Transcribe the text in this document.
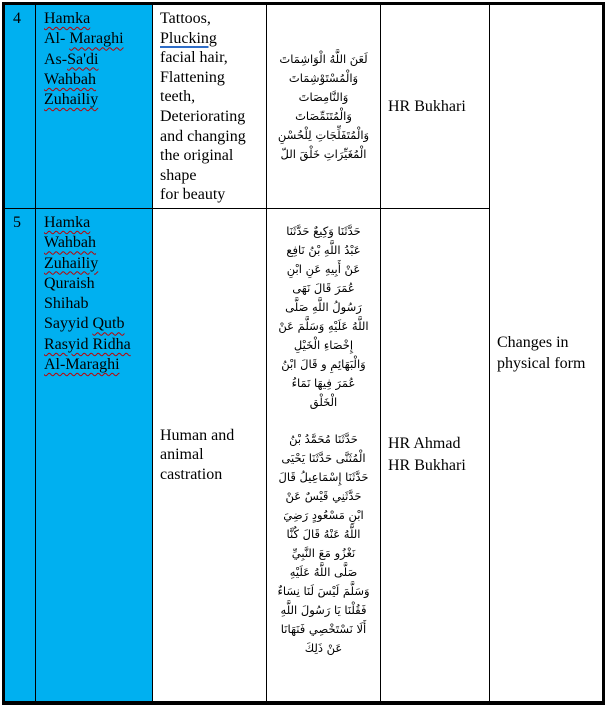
4	Hamka
Al- Maraghi
As-Sa'di
Wahbah
Zuhailiy
Tattoos,
Plucking
facial hair,
Flattening
teeth,
Deteriorating
and changing
the original
shape
for beauty
لَعَنَ اللَّهُ الْوَاشِمَاتَ
وَالْمُسْتَوْشِمَاتَ
وَالنَّامِصَاتَ
وَالْمُتَنَمِّصَاتَ
وَالْمُتَفَلِّجَاتِ لِلْحُسْنِ
الْمُغَيِّرَاتِ خَلْقَ اللّ
HR Bukhari
Changes in physical form
5	Hamka
Wahbah
Zuhailiy
Quraish
Shihab
Sayyid Qutb
Rasyid Ridha
Al-Maraghi
Human and
animal
castration
حَدَّثَنَا وَكِيعٌ حَدَّثَنَا
عَبْدُ اللَّهِ بْنُ نَافِع
عَنْ أَبِيهِ عَنِ ابْنِ
عُمَرَ قَالَ نَهَى
رَسُولُ اللَّهِ صَلَّى
اللَّهُ عَلَيْهِ وَسَلَّمَ عَنْ
إِخْصَاءِ الْخَيْلِ
وَالْبَهَائِمِ و قَالَ ابْنُ
عُمَرَ فِيهَا نَمَاءُ
الْخَلْق
حَدَّثَنَا مُحَمَّدُ بْنُ
الْمُثَنَّى حَدَّثَنَا يَحْيَى
حَدَّثَنَا إِسْمَاعِيلُ قَالَ
حَدَّثَنِي قَيْسٌ عَنْ
ابْنِ مَسْعُودٍ رَضِيَ
اللَّهُ عَنْهُ قَالَ كُنَّا
نَغْزُو مَعَ النَّبِيِّ
صَلَّى اللَّهُ عَلَيْهِ
وَسَلَّمَ لَيْسَ لَنَا نِسَاءٌ
فَقُلْنَا يَا رَسُولَ اللَّهِ
أَلَا نَسْتَخْصِي فَنَهَانَا
عَنْ ذَلِكَ
HR Ahmad
HR Bukhari
